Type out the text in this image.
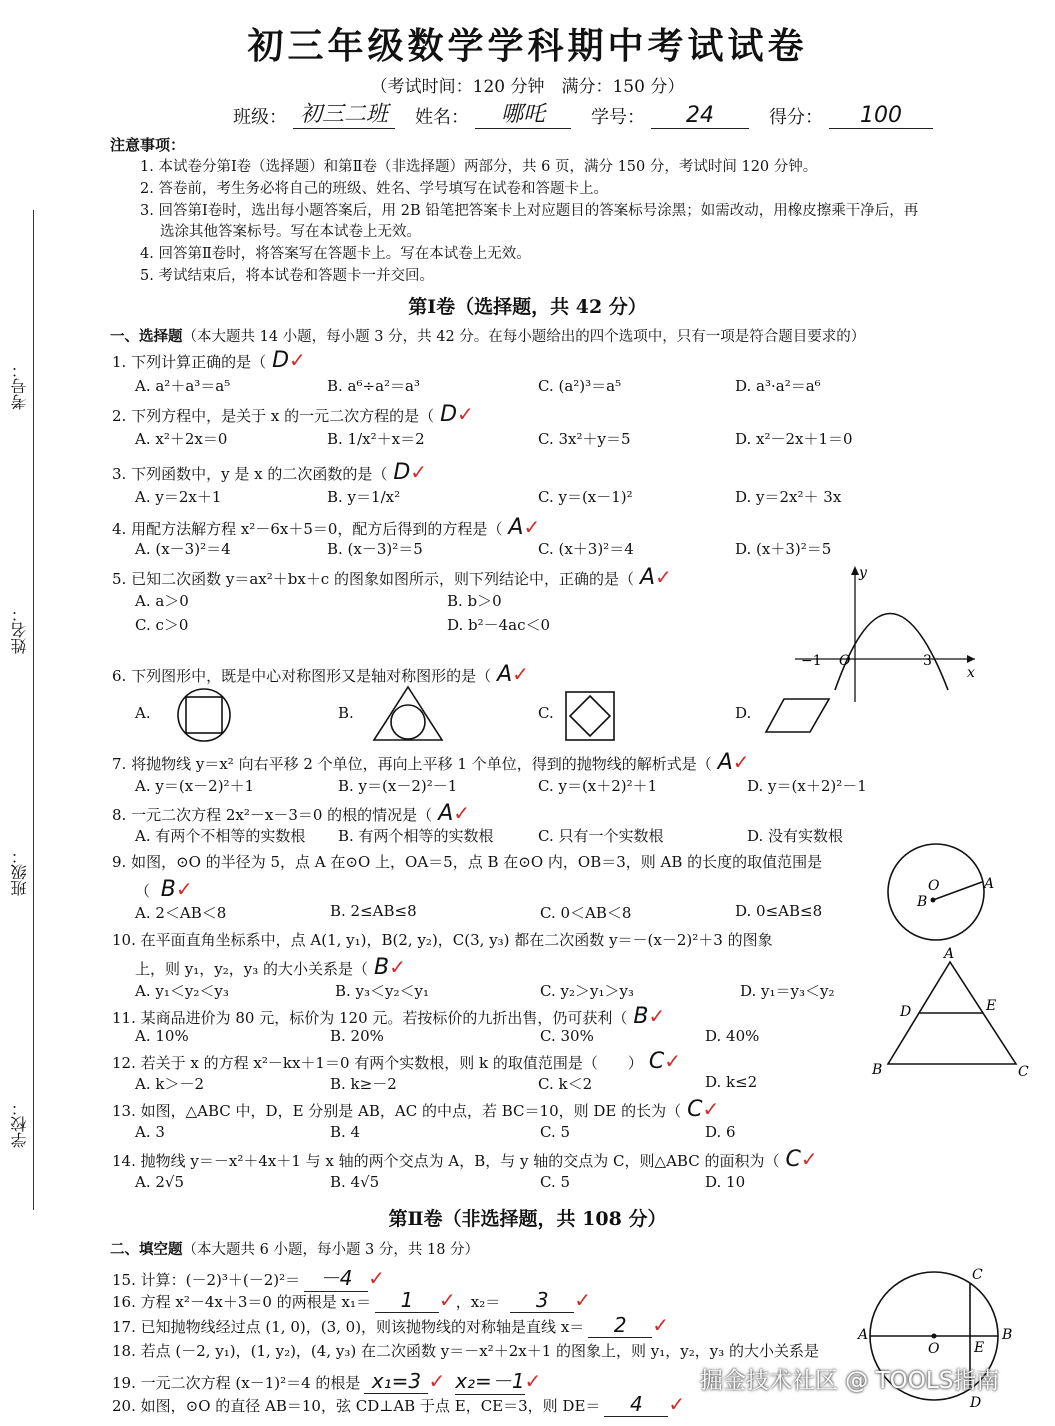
初三年级数学学科期中考试试卷
（考试时间：120 分钟　满分：150 分）
班级： 初三二班	姓名：	哪吒	学号：	24	得分：	100
考号：
姓名：
班级：
学校：
注意事项：
1. 本试卷分第Ⅰ卷（选择题）和第Ⅱ卷（非选择题）两部分，共 6 页，满分 150 分，考试时间 120 分钟。
2. 答卷前，考生务必将自己的班级、姓名、学号填写在试卷和答题卡上。
3. 回答第Ⅰ卷时，选出每小题答案后，用 2B 铅笔把答案卡上对应题目的答案标号涂黑；如需改动，用橡皮擦乘干净后，再
选涂其他答案标号。写在本试卷上无效。
4. 回答第Ⅱ卷时，将答案写在答题卡上。写在本试卷上无效。
5. 考试结束后，将本试卷和答题卡一并交回。
第Ⅰ卷（选择题，共 42 分）
一、选择题（本大题共 14 小题，每小题 3 分，共 42 分。在每小题给出的四个选项中，只有一项是符合题目要求的）
1. 下列计算正确的是（ D✓
A. a²＋a³＝a⁵	B. a⁶÷a²＝a³	C. (a²)³＝a⁵	D. a³·a²＝a⁶
2. 下列方程中，是关于 x 的一元二次方程的是（ D✓
A. x²＋2x＝0	B. 1/x²＋x＝2	C. 3x²＋y＝5	D. x²－2x＋1＝0
3. 下列函数中，y 是 x 的二次函数的是（ D✓
A. y＝2x＋1	B. y＝1/x²	C. y＝(x－1)²	D. y＝2x²＋ 3x
4. 用配方法解方程 x²－6x＋5＝0，配方后得到的方程是（ A✓
A. (x－3)²＝4	B. (x－3)²＝5	C. (x＋3)²＝4	D. (x＋3)²＝5
5. 已知二次函数 y＝ax²＋bx＋c 的图象如图所示，则下列结论中，正确的是（ A✓
A. a＞0	B. b＞0
C. c＞0	D. b²－4ac＜0
6. 下列图形中，既是中心对称图形又是轴对称图形的是（ A✓
A.	B.	C.	D.
7. 将抛物线 y＝x² 向右平移 2 个单位，再向上平移 1 个单位，得到的抛物线的解析式是（ A✓
A. y＝(x－2)²＋1	B. y＝(x－2)²－1	C. y＝(x＋2)²＋1	D. y＝(x＋2)²－1
8. 一元二次方程 2x²－x－3＝0 的根的情况是（ A✓
A. 有两个不相等的实数根 B. 有两个相等的实数根	C. 只有一个实数根	D. 没有实数根
（ B✓
9. 如图，⊙O 的半径为 5，点 A 在⊙O 上，OA＝5，点 B 在⊙O 内，OB＝3，则 AB 的长度的取值范围是
A. 2＜AB＜8	B. 2≤AB≤8	C. 0＜AB＜8	D. 0≤AB≤8
上，则 y₁，y₂，y₃ 的大小关系是（ B✓
10. 在平面直角坐标系中，点 A(1, y₁)，B(2, y₂)，C(3, y₃) 都在二次函数 y＝－(x－2)²＋3 的图象
A. y₁＜y₂＜y₃	B. y₃＜y₂＜y₁	C. y₂＞y₁＞y₃	D. y₁＝y₃＜y₂
11. 某商品进价为 80 元，标价为 120 元。若按标价的九折出售，仍可获利（ B✓
A. 10%	B. 20%	C. 30%	D. 40%
12. 若关于 x 的方程 x²－kx＋1＝0 有两个实数根，则 k 的取值范围是（　　） C✓
A. k＞－2	B. k≥－2	C. k＜2	D. k≤2
13. 如图，△ABC 中，D，E 分别是 AB，AC 的中点，若 BC＝10，则 DE 的长为（ C✓
A. 3	B. 4	C. 5	D. 6
14. 抛物线 y＝－x²＋4x＋1 与 x 轴的两个交点为 A，B，与 y 轴的交点为 C，则△ABC 的面积为（ C✓
A. 2√5	B. 4√5	C. 5	D. 10
y
x
−1 O	3
O	A
B
A
B	C
D	E
第Ⅱ卷（非选择题，共 108 分）
二、填空题（本大题共 6 小题，每小题 3 分，共 18 分）
15. 计算：(－2)³＋(－2)²＝ －4 ✓
16. 方程 x²－4x＋3＝0 的两根是 x₁＝ 1 ✓，x₂＝ 3 ✓
17. 已知抛物线经过点 (1, 0)，(3, 0)，则该抛物线的对称轴是直线 x＝ 2 ✓
18. 若点 (－2, y₁)，(1, y₂)，(4, y₃) 在二次函数 y＝－x²＋2x＋1 的图象上，则 y₁，y₂，y₃ 的大小关系是
19. 一元二次方程 (x－1)²＝4 的根是 x₁=3 ✓ x₂=－1✓
20. 如图，⊙O 的直径 AB＝10，弦 CD⊥AB 于点 E，CE＝3，则 DE＝ 4 ✓
A	B
C
D
E
O
掘金技术社区 @ TOOLS指南
